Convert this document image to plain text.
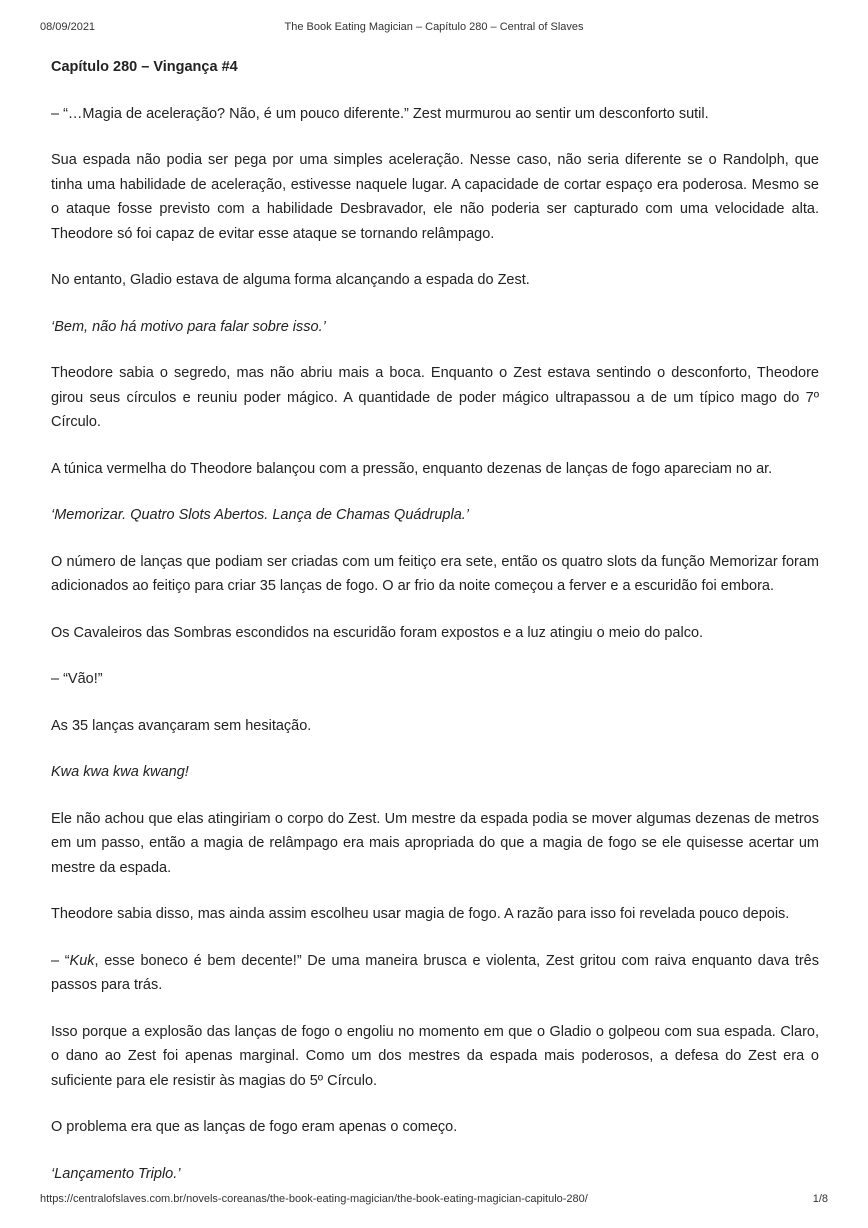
08/09/2021	The Book Eating Magician – Capítulo 280 – Central of Slaves

Capítulo 280 – Vingança #4

– “…Magia de aceleração? Não, é um pouco diferente.” Zest murmurou ao sentir um desconforto sutil.

Sua espada não podia ser pega por uma simples aceleração. Nesse caso, não seria diferente se o Randolph, que tinha uma habilidade de aceleração, estivesse naquele lugar. A capacidade de cortar espaço era poderosa. Mesmo se o ataque fosse previsto com a habilidade Desbravador, ele não poderia ser capturado com uma velocidade alta. Theodore só foi capaz de evitar esse ataque se tornando relâmpago.

No entanto, Gladio estava de alguma forma alcançando a espada do Zest.

‘Bem, não há motivo para falar sobre isso.’

Theodore sabia o segredo, mas não abriu mais a boca. Enquanto o Zest estava sentindo o desconforto, Theodore girou seus círculos e reuniu poder mágico. A quantidade de poder mágico ultrapassou a de um típico mago do 7º Círculo.

A túnica vermelha do Theodore balançou com a pressão, enquanto dezenas de lanças de fogo apareciam no ar.

‘Memorizar. Quatro Slots Abertos. Lança de Chamas Quádrupla.’

O número de lanças que podiam ser criadas com um feitiço era sete, então os quatro slots da função Memorizar foram adicionados ao feitiço para criar 35 lanças de fogo. O ar frio da noite começou a ferver e a escuridão foi embora.

Os Cavaleiros das Sombras escondidos na escuridão foram expostos e a luz atingiu o meio do palco.

– “Vão!”

As 35 lanças avançaram sem hesitação.

Kwa kwa kwa kwang!

Ele não achou que elas atingiriam o corpo do Zest. Um mestre da espada podia se mover algumas dezenas de metros em um passo, então a magia de relâmpago era mais apropriada do que a magia de fogo se ele quisesse acertar um mestre da espada.

Theodore sabia disso, mas ainda assim escolheu usar magia de fogo. A razão para isso foi revelada pouco depois.

– “Kuk, esse boneco é bem decente!” De uma maneira brusca e violenta, Zest gritou com raiva enquanto dava três passos para trás.

Isso porque a explosão das lanças de fogo o engoliu no momento em que o Gladio o golpeou com sua espada. Claro, o dano ao Zest foi apenas marginal. Como um dos mestres da espada mais poderosos, a defesa do Zest era o suficiente para ele resistir às magias do 5º Círculo.

O problema era que as lanças de fogo eram apenas o começo.

‘Lançamento Triplo.’

https://centralofslaves.com.br/novels-coreanas/the-book-eating-magician/the-book-eating-magician-capitulo-280/	1/8
